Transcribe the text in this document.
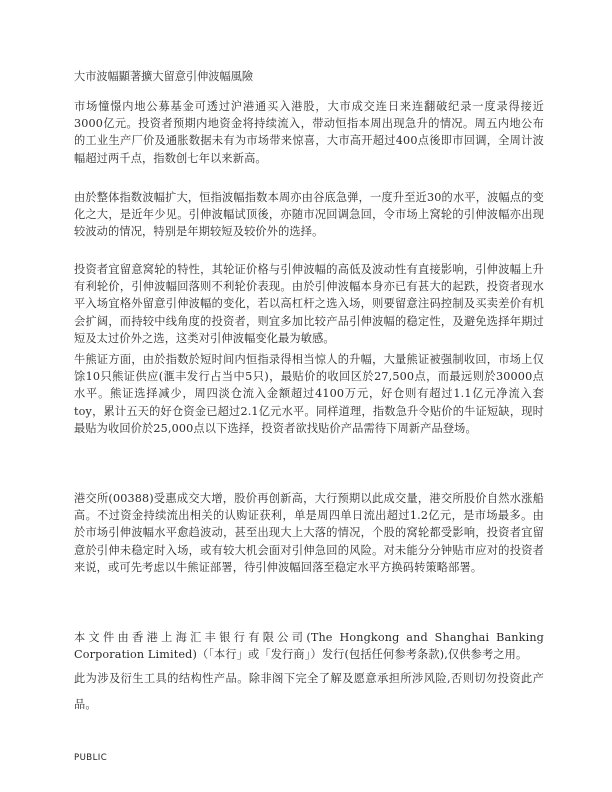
大市波幅顯著擴大留意引伸波幅風險

市场憧憬内地公募基金可透过沪港通买入港股，大市成交连日来连翻破纪录一度录得接近3000亿元。投资者预期内地资金将持续流入，带动恒指本周出现急升的情况。周五内地公布的工业生产厂价及通胀数据未有为市场带来惊喜，大市高开超过400点後即市回调，全周计波幅超过两千点，指数创七年以来新高。

由於整体指数波幅扩大，恒指波幅指数本周亦由谷底急弹，一度升至近30的水平，波幅点的变化之大，是近年少见。引伸波幅试顶後，亦随市况回调急回，令市场上窝轮的引伸波幅亦出现较波动的情况，特别是年期较短及较价外的选择。

投资者宜留意窝轮的特性，其轮证价格与引伸波幅的高低及波动性有直接影响，引伸波幅上升有利轮价，引伸波幅回落则不利轮价表现。由於引伸波幅本身亦已有甚大的起跌，投资者现水平入场宜格外留意引伸波幅的变化，若以高杠杆之选入场，则要留意注码控制及买卖差价有机会扩阔，而持较中线角度的投资者，则宜多加比较产品引伸波幅的稳定性，及避免选择年期过短及太过价外之选，这类对引伸波幅变化最为敏感。

牛熊证方面，由於指数於短时间内恒指录得相当惊人的升幅，大量熊证被强制收回，市场上仅馀10只熊证供应(滙丰发行占当中5只)，最贴价的收回区於27,500点，而最远则於30000点水平。熊证选择减少，周四淡仓流入金额超过4100万元，好仓则有超过1.1亿元净流入套toy，累计五天的好仓资金已超过2.1亿元水平。同样道理，指数急升令贴价的牛证短缺，现时最贴为收回价於25,000点以下选择，投资者欲找贴价产品需待下周新产品登场。

港交所(00388)受惠成交大增，股价再创新高，大行预期以此成交量，港交所股价自然水涨船高。不过资金持续流出相关的认购证获利，单是周四单日流出超过1.2亿元，是市场最多。由於市场引伸波幅水平愈趋波动，甚至出现大上大落的情况，个股的窝轮都受影响，投资者宜留意於引伸未稳定时入场，或有较大机会面对引伸急回的风险。对未能分分钟贴市应对的投资者来说，或可先考虑以牛熊证部署，待引伸波幅回落至稳定水平方换码转策略部署。

本文件由香港上海汇丰银行有限公司(The Hongkong and Shanghai Banking Corporation Limited)（「本行」或「发行商」）发行(包括任何参考条款),仅供参考之用。

此为涉及衍生工具的结构性产品。除非阁下完全了解及愿意承担所涉风险,否则切勿投资此产品。

PUBLIC
